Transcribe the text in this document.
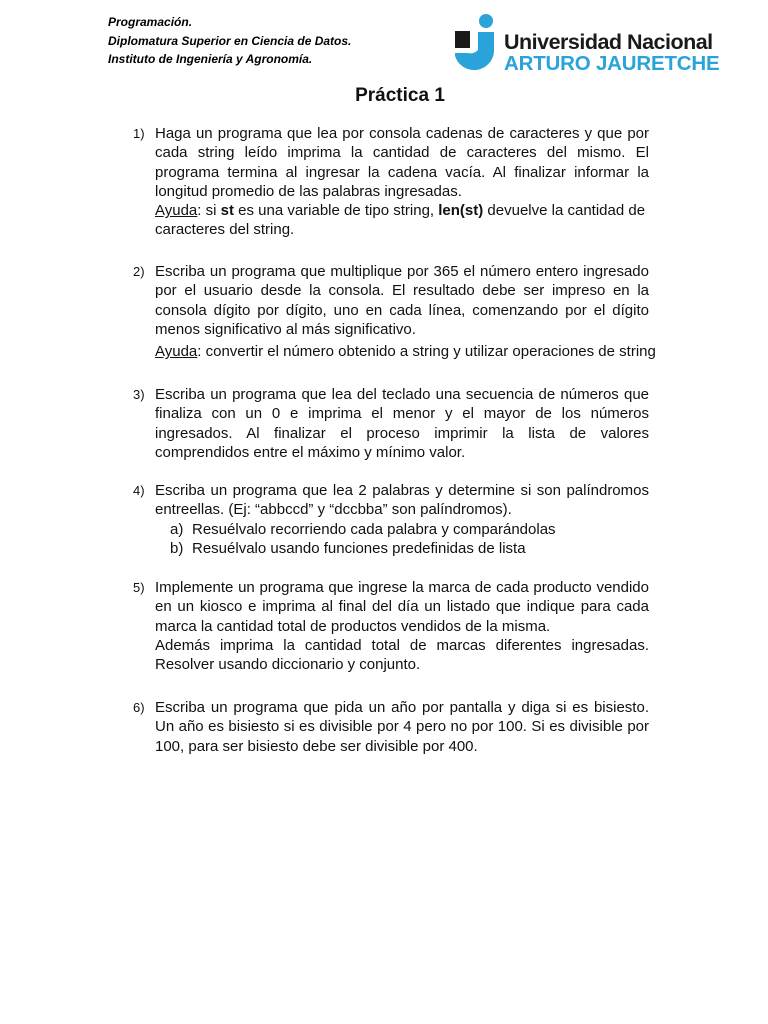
Programación.
Diplomatura Superior en Ciencia de Datos.
Instituto de Ingeniería y Agronomía.
Universidad Nacional
ARTURO JAURETCHE
Práctica 1
1) Haga un programa que lea por consola cadenas de caracteres y que por cada string leído imprima la cantidad de caracteres del mismo. El programa termina al ingresar la cadena vacía. Al finalizar informar la longitud promedio de las palabras ingresadas.
Ayuda: si st es una variable de tipo string, len(st) devuelve la cantidad de caracteres del string.
2) Escriba un programa que multiplique por 365 el número entero ingresado por el usuario desde la consola. El resultado debe ser impreso en la consola dígito por dígito, uno en cada línea, comenzando por el dígito menos significativo al más significativo.
Ayuda: convertir el número obtenido a string y utilizar operaciones de string
3) Escriba un programa que lea del teclado una secuencia de números que finaliza con un 0 e imprima el menor y el mayor de los números ingresados. Al finalizar el proceso imprimir la lista de valores comprendidos entre el máximo y mínimo valor.
4) Escriba un programa que lea 2 palabras y determine si son palíndromos entreellas. (Ej: “abbccd” y “dccbba” son palíndromos).
a) Resuélvalo recorriendo cada palabra y comparándolas
b) Resuélvalo usando funciones predefinidas de lista
5) Implemente un programa que ingrese la marca de cada producto vendido en un kiosco e imprima al final del día un listado que indique para cada marca la cantidad total de productos vendidos de la misma.
Además imprima la cantidad total de marcas diferentes ingresadas. Resolver usando diccionario y conjunto.
6) Escriba un programa que pida un año por pantalla y diga si es bisiesto. Un año es bisiesto si es divisible por 4 pero no por 100. Si es divisible por 100, para ser bisiesto debe ser divisible por 400.
